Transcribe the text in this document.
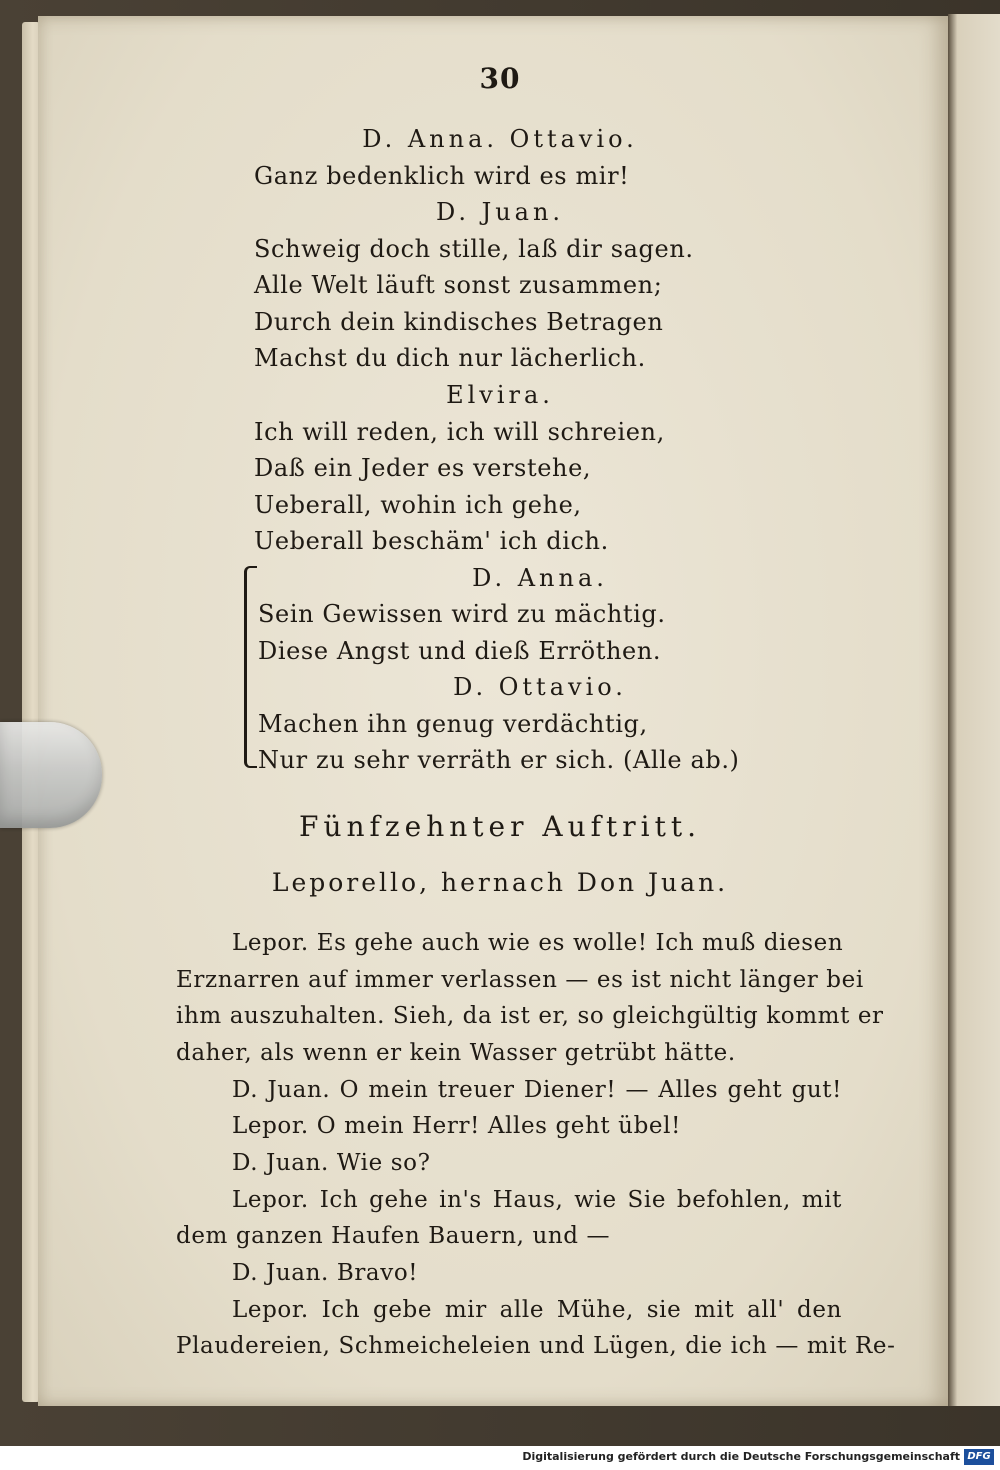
30
D. Anna. Ottavio.
Ganz bedenklich wird es mir!
D. Juan.
Schweig doch stille, laß dir sagen.
Alle Welt läuft sonst zusammen;
Durch dein kindisches Betragen
Machst du dich nur lächerlich.
Elvira.
Ich will reden, ich will schreien,
Daß ein Jeder es verstehe,
Ueberall, wohin ich gehe,
Ueberall beschäm' ich dich.
D. Anna.
Sein Gewissen wird zu mächtig.
Diese Angst und dieß Erröthen.
D. Ottavio.
Machen ihn genug verdächtig,
Nur zu sehr verräth er sich. (Alle ab.)
Fünfzehnter Auftritt.
Leporello, hernach Don Juan.
Lepor. Es gehe auch wie es wolle! Ich muß diesen
Erznarren auf immer verlassen — es ist nicht länger bei
ihm auszuhalten. Sieh, da ist er, so gleichgültig kommt er
daher, als wenn er kein Wasser getrübt hätte.
D. Juan. O mein treuer Diener! — Alles geht gut!
Lepor. O mein Herr! Alles geht übel!
D. Juan. Wie so?
Lepor. Ich gehe in's Haus, wie Sie befohlen, mit
dem ganzen Haufen Bauern, und —
D. Juan. Bravo!
Lepor. Ich gebe mir alle Mühe, sie mit all' den
Plaudereien, Schmeicheleien und Lügen, die ich — mit Re-
Digitalisierung gefördert durch die Deutsche Forschungsgemeinschaft DFG
